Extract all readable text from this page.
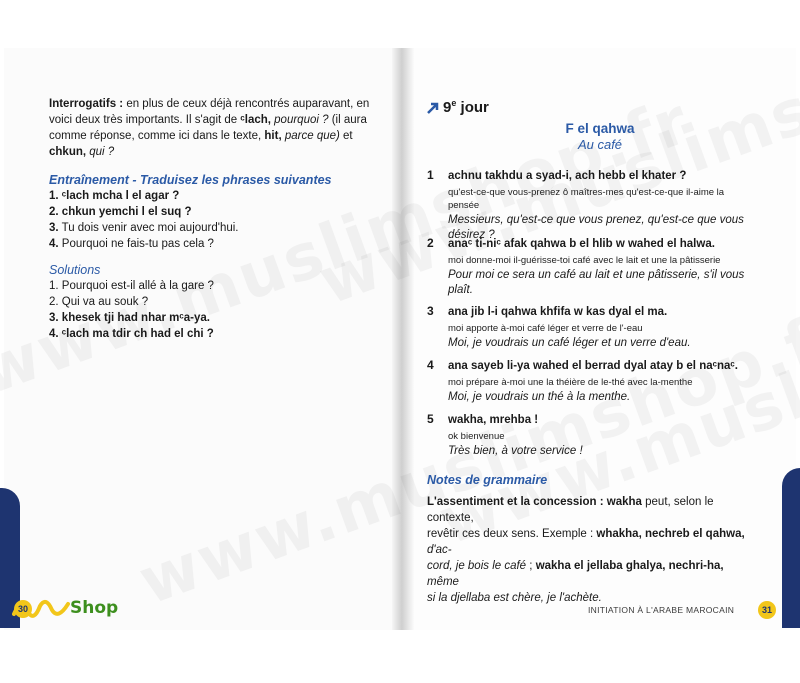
Interrogatifs : en plus de ceux déjà rencontrés auparavant, en
voici deux très importants. Il s'agit de ᶜlach, pourquoi ? (il aura
comme réponse, comme ici dans le texte, hit, parce que) et
chkun, qui ?
Entraînement - Traduisez les phrases suivantes
1. ᶜlach mcha l el agar ?
2. chkun yemchi l el suq ?
3. Tu dois venir avec moi aujourd'hui.
4. Pourquoi ne fais-tu pas cela ?
Solutions
1. Pourquoi est-il allé à la gare ?
2. Qui va au souk ?
3. khesek tji had nhar mᶜa-ya.
4. ᶜlach ma tdir ch had el chi ?
Shop
30
9e jour
F el qahwa
Au café
1 achnu takhdu a syad-i, ach hebb el khater ?
qu'est-ce-que vous-prenez ô maîtres-mes qu'est-ce-que il-aime la pensée
Messieurs, qu'est-ce que vous prenez, qu'est-ce que vous
désirez ?
2 anaᶜ ti-niᶜ afak qahwa b el hlib w wahed el halwa.
moi donne-moi il-guérisse-toi café avec le lait et une la pâtisserie
Pour moi ce sera un café au lait et une pâtisserie, s'il vous
plaît.
3 ana jib l-i qahwa khfifa w kas dyal el ma.
moi apporte à-moi café léger et verre de l'-eau
Moi, je voudrais un café léger et un verre d'eau.
4 ana sayeb li-ya wahed el berrad dyal atay b el naᶜnaᶜ.
moi prépare à-moi une la théière de le-thé avec la-menthe
Moi, je voudrais un thé à la menthe.
5 wakha, mrehba !
ok bienvenue
Très bien, à votre service !
Notes de grammaire
L'assentiment et la concession : wakha peut, selon le contexte,
revêtir ces deux sens. Exemple : whakha, nechreb el qahwa, d'ac-
cord, je bois le café ; wakha el jellaba ghalya, nechri-ha, même
si la djellaba est chère, je l'achète.
INITIATION À L'ARABE MAROCAIN	31
